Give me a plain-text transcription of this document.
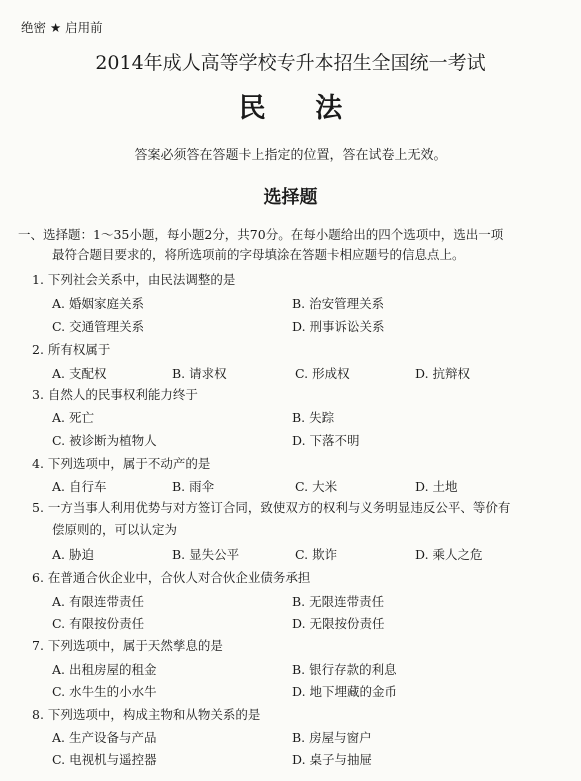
绝密 ★ 启用前
2014年成人高等学校专升本招生全国统一考试
民 法
答案必须答在答题卡上指定的位置，答在试卷上无效。
选择题
一、选择题：1～35小题，每小题2分，共70分。在每小题给出的四个选项中，选出一项
最符合题目要求的，将所选项前的字母填涂在答题卡相应题号的信息点上。
1. 下列社会关系中，由民法调整的是
A. 婚姻家庭关系	B. 治安管理关系
C. 交通管理关系	D. 刑事诉讼关系
2. 所有权属于
A. 支配权	B. 请求权	C. 形成权	D. 抗辩权
3. 自然人的民事权利能力终于
A. 死亡	B. 失踪
C. 被诊断为植物人	D. 下落不明
4. 下列选项中，属于不动产的是
A. 自行车	B. 雨伞	C. 大米	D. 土地
5. 一方当事人利用优势与对方签订合同，致使双方的权利与义务明显违反公平、等价有
偿原则的，可以认定为
A. 胁迫	B. 显失公平	C. 欺诈	D. 乘人之危
6. 在普通合伙企业中，合伙人对合伙企业债务承担
A. 有限连带责任	B. 无限连带责任
C. 有限按份责任	D. 无限按份责任
7. 下列选项中，属于天然孳息的是
A. 出租房屋的租金	B. 银行存款的利息
C. 水牛生的小水牛	D. 地下埋藏的金币
8. 下列选项中，构成主物和从物关系的是
A. 生产设备与产品	B. 房屋与窗户
C. 电视机与遥控器	D. 桌子与抽屉
